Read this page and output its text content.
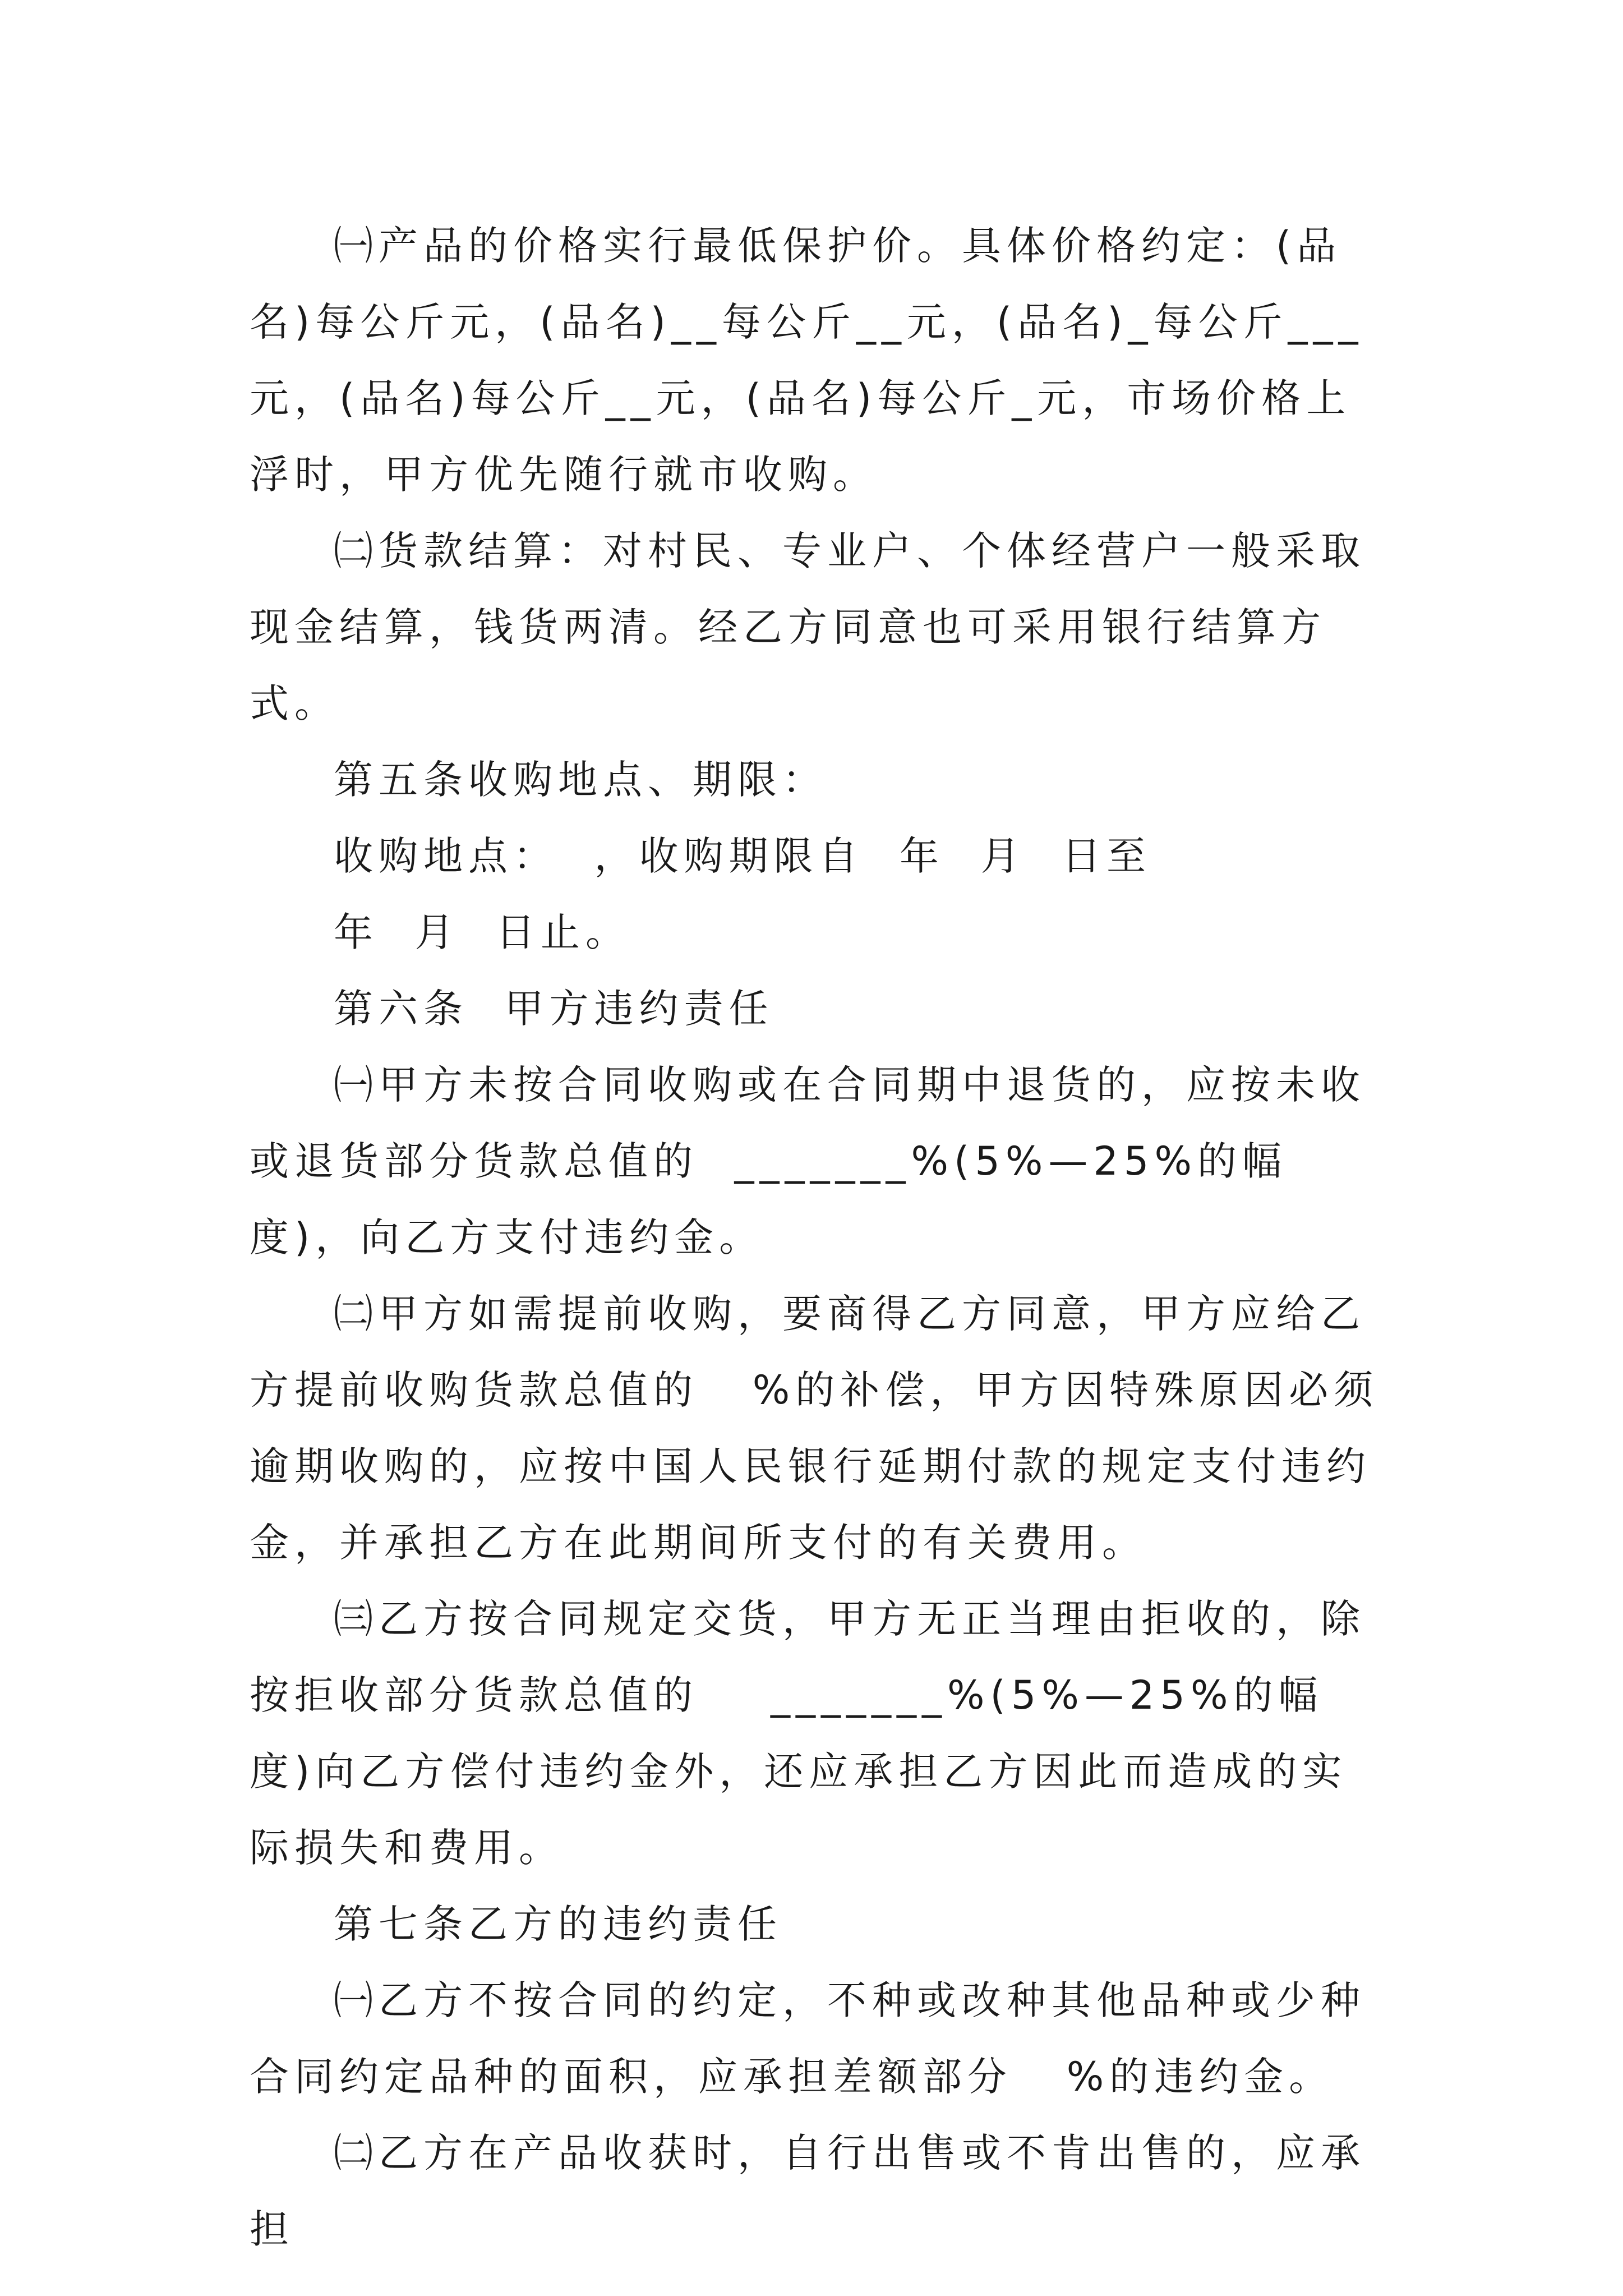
㈠产品的价格实行最低保护价。具体价格约定：(品名)每公斤元，(品名)__每公斤__元，(品名)_每公斤___元，(品名)每公斤__元，(品名)每公斤_元，市场价格上浮时，甲方优先随行就市收购。

㈡货款结算：对村民、专业户、个体经营户一般采取现金结算，钱货两清。经乙方同意也可采用银行结算方式。

第五条收购地点、期限：

收购地点：  ，收购期限自  年  月  日至

年  月  日止。

第六条  甲方违约责任

㈠甲方未按合同收购或在合同期中退货的，应按未收或退货部分货款总值的  _______%(5%—25%的幅度)，向乙方支付违约金。

㈡甲方如需提前收购，要商得乙方同意，甲方应给乙方提前收购货款总值的   %的补偿，甲方因特殊原因必须逾期收购的，应按中国人民银行延期付款的规定支付违约金，并承担乙方在此期间所支付的有关费用。

㈢乙方按合同规定交货，甲方无正当理由拒收的，除按拒收部分货款总值的    _______%(5%—25%的幅度)向乙方偿付违约金外，还应承担乙方因此而造成的实际损失和费用。

第七条乙方的违约责任

㈠乙方不按合同的约定，不种或改种其他品种或少种合同约定品种的面积，应承担差额部分   %的违约金。

㈡乙方在产品收获时，自行出售或不肯出售的，应承担
